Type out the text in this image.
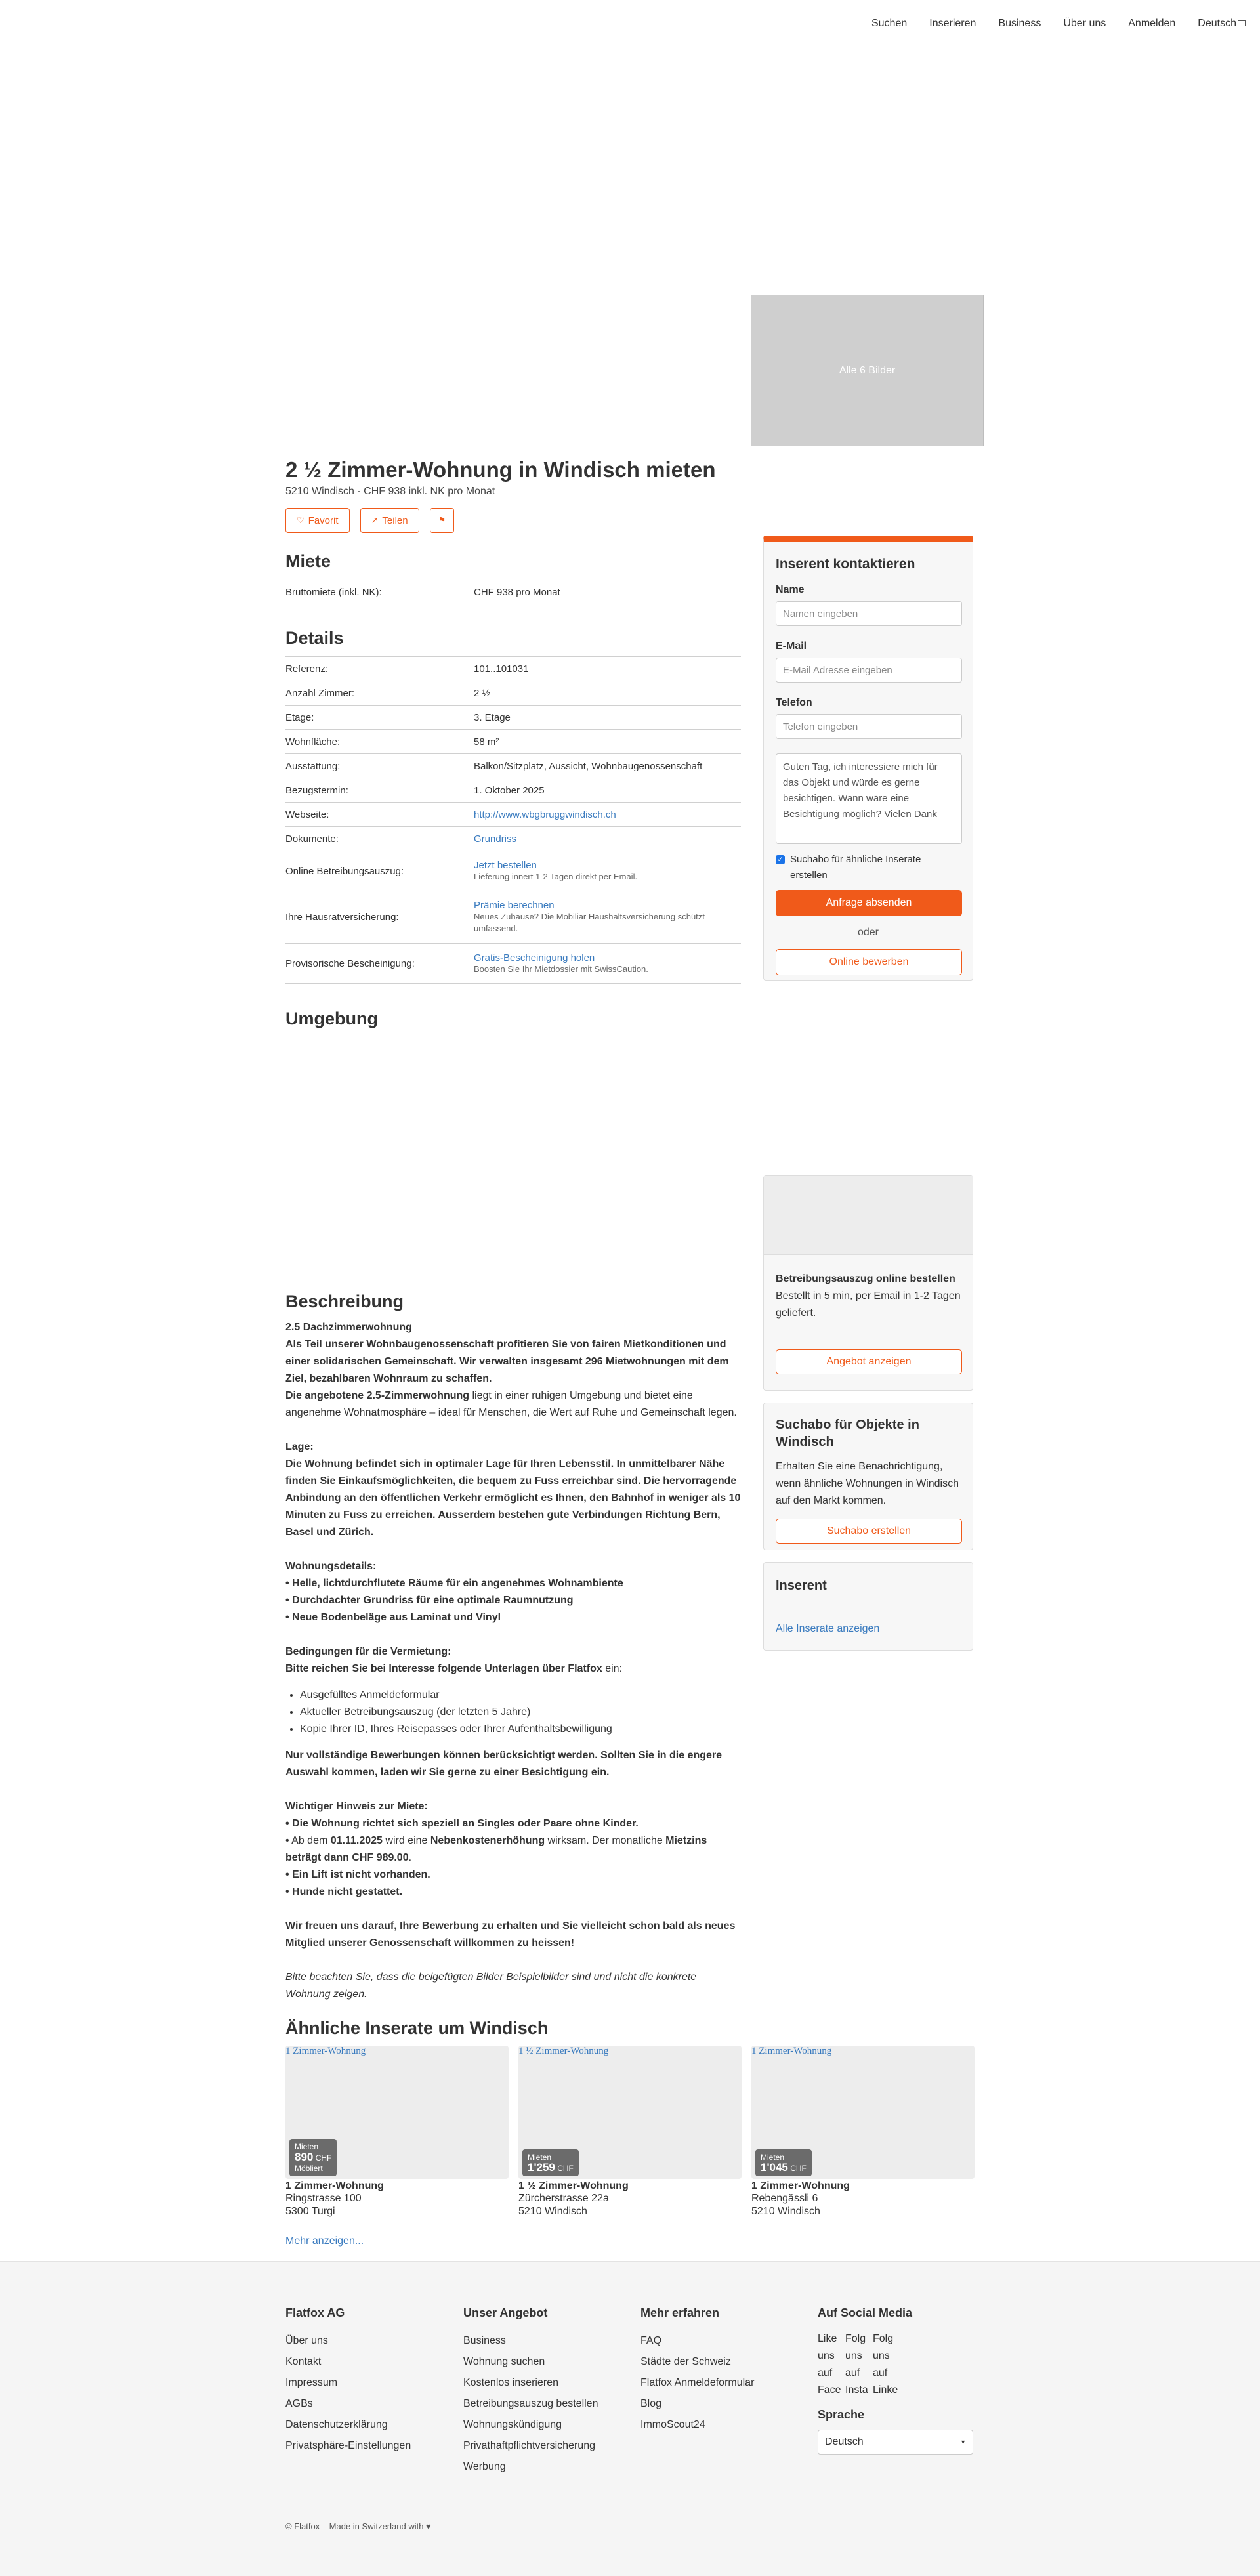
Suchen Inserieren Business Über uns Anmelden Deutsch
Alle 6 Bilder
2 ½ Zimmer-Wohnung in Windisch mieten
5210 Windisch - CHF 938 inkl. NK pro Monat
♡ Favorit	↗ Teilen	⚑
Miete
Bruttomiete (inkl. NK):	CHF 938 pro Monat
Details
Referenz:	101..101031
Anzahl Zimmer:	2 ½
Etage:	3. Etage
Wohnfläche:	58 m²
Ausstattung:	Balkon/Sitzplatz, Aussicht, Wohnbaugenossenschaft
Bezugstermin:	1. Oktober 2025
Webseite:	http://www.wbgbruggwindisch.ch
Dokumente:	Grundriss
Online Betreibungsauszug:	Jetzt bestellen
Lieferung innert 1-2 Tagen direkt per Email.

Ihre Hausratversicherung:	Prämie berechnen
Neues Zuhause? Die Mobiliar Haushaltsversicherung schützt umfassend.

Provisorische Bescheinigung:	Gratis-Bescheinigung holen
Boosten Sie Ihr Mietdossier mit SwissCaution.
Umgebung
Inserent kontaktieren
Name
Namen eingeben
E-Mail
E-Mail Adresse eingeben
Telefon
Telefon eingeben
Guten Tag, ich interessiere mich für das Objekt und würde es gerne besichtigen. Wann wäre eine Besichtigung möglich? Vielen Dank
✓ Suchabo für ähnliche Inserate erstellen
Anfrage absenden
oder
Online bewerben
Betreibungsauszug online bestellen

Bestellt in 5 min, per Email in 1-2 Tagen geliefert.

Angebot anzeigen
Suchabo für Objekte in Windisch

Erhalten Sie eine Benachrichtigung, wenn ähnliche Wohnungen in Windisch auf den Markt kommen.

Suchabo erstellen
Inserent
Alle Inserate anzeigen
Beschreibung

2.5 Dachzimmerwohnung

Als Teil unserer Wohnbaugenossenschaft profitieren Sie von fairen Mietkonditionen und einer solidarischen Gemeinschaft. Wir verwalten insgesamt 296 Mietwohnungen mit dem Ziel, bezahlbaren Wohnraum zu schaffen.

Die angebotene 2.5-Zimmerwohnung liegt in einer ruhigen Umgebung und bietet eine angenehme Wohnatmosphäre – ideal für Menschen, die Wert auf Ruhe und Gemeinschaft legen.

Lage:

Die Wohnung befindet sich in optimaler Lage für Ihren Lebensstil. In unmittelbarer Nähe finden Sie Einkaufsmöglichkeiten, die bequem zu Fuss erreichbar sind. Die hervorragende Anbindung an den öffentlichen Verkehr ermöglicht es Ihnen, den Bahnhof in weniger als 10 Minuten zu Fuss zu erreichen. Ausserdem bestehen gute Verbindungen Richtung Bern, Basel und Zürich.

Wohnungsdetails:

• Helle, lichtdurchflutete Räume für ein angenehmes Wohnambiente

• Durchdachter Grundriss für eine optimale Raumnutzung

• Neue Bodenbeläge aus Laminat und Vinyl

Bedingungen für die Vermietung:

Bitte reichen Sie bei Interesse folgende Unterlagen über Flatfox ein:

• Ausgefülltes Anmeldeformular
• Aktueller Betreibungsauszug (der letzten 5 Jahre)
• Kopie Ihrer ID, Ihres Reisepasses oder Ihrer Aufenthaltsbewilligung

Nur vollständige Bewerbungen können berücksichtigt werden. Sollten Sie in die engere Auswahl kommen, laden wir Sie gerne zu einer Besichtigung ein.

Wichtiger Hinweis zur Miete:

• Die Wohnung richtet sich speziell an Singles oder Paare ohne Kinder.

• Ab dem 01.11.2025 wird eine Nebenkostenerhöhung wirksam. Der monatliche Mietzins beträgt dann CHF 989.00.

• Ein Lift ist nicht vorhanden.

• Hunde nicht gestattet.

Wir freuen uns darauf, Ihre Bewerbung zu erhalten und Sie vielleicht schon bald als neues Mitglied unserer Genossenschaft willkommen zu heissen!

Bitte beachten Sie, dass die beigefügten Bilder Beispielbilder sind und nicht die konkrete Wohnung zeigen.

Ähnliche Inserate um Windisch
1 Zimmer-Wohnung
Mieten
890 CHF
Möbliert
1 Zimmer-Wohnung
Ringstrasse 100
5300 Turgi
1 ½ Zimmer-Wohnung
Mieten
1'259 CHF
1 ½ Zimmer-Wohnung
Zürcherstrasse 22a
5210 Windisch
1 Zimmer-Wohnung
Mieten
1'045 CHF
1 Zimmer-Wohnung
Rebengässli 6
5210 Windisch
Mehr anzeigen...
Flatfox AG
Über uns
Kontakt
Impressum
AGBs
Datenschutzerklärung
Privatsphäre-Einstellungen
Unser Angebot
Business
Wohnung suchen
Kostenlos inserieren
Betreibungsauszug bestellen
Wohnungskündigung
Privathaftpflichtversicherung
Werbung
Mehr erfahren
FAQ
Städte der Schweiz
Flatfox Anmeldeformular
Blog
ImmoScout24
Auf Social Media
Like
uns
auf
Face
Folg
uns
auf
Insta
Folg
uns
auf
Linke
Sprache
Deutsch	▼
© Flatfox – Made in Switzerland with ♥
